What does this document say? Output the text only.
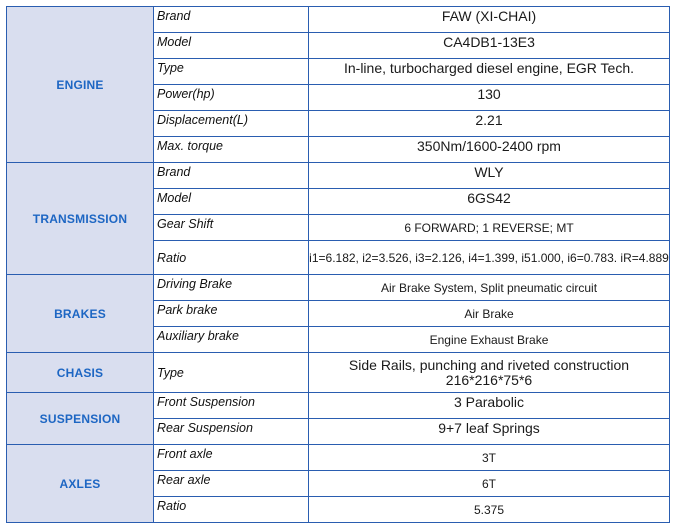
ENGINE	Brand	FAW (XI-CHAI)
	Model	CA4DB1-13E3
	Type	In-line, turbocharged diesel engine, EGR Tech.
	Power(hp)	130
	Displacement(L)	2.21
	Max. torque	350Nm/1600-2400 rpm
TRANSMISSION	Brand	WLY
	Model	6GS42
	Gear Shift	6 FORWARD; 1 REVERSE; MT
	Ratio	i1=6.182, i2=3.526, i3=2.126, i4=1.399, i51.000, i6=0.783. iR=4.889
BRAKES	Driving Brake	Air Brake System, Split pneumatic circuit
	Park brake	Air Brake
	Auxiliary brake	Engine Exhaust Brake
CHASIS	Type	Side Rails, punching and riveted construction 216*216*75*6
SUSPENSION	Front Suspension	3 Parabolic
	Rear Suspension	9+7 leaf Springs
AXLES	Front axle	3T
	Rear axle	6T
	Ratio	5.375
